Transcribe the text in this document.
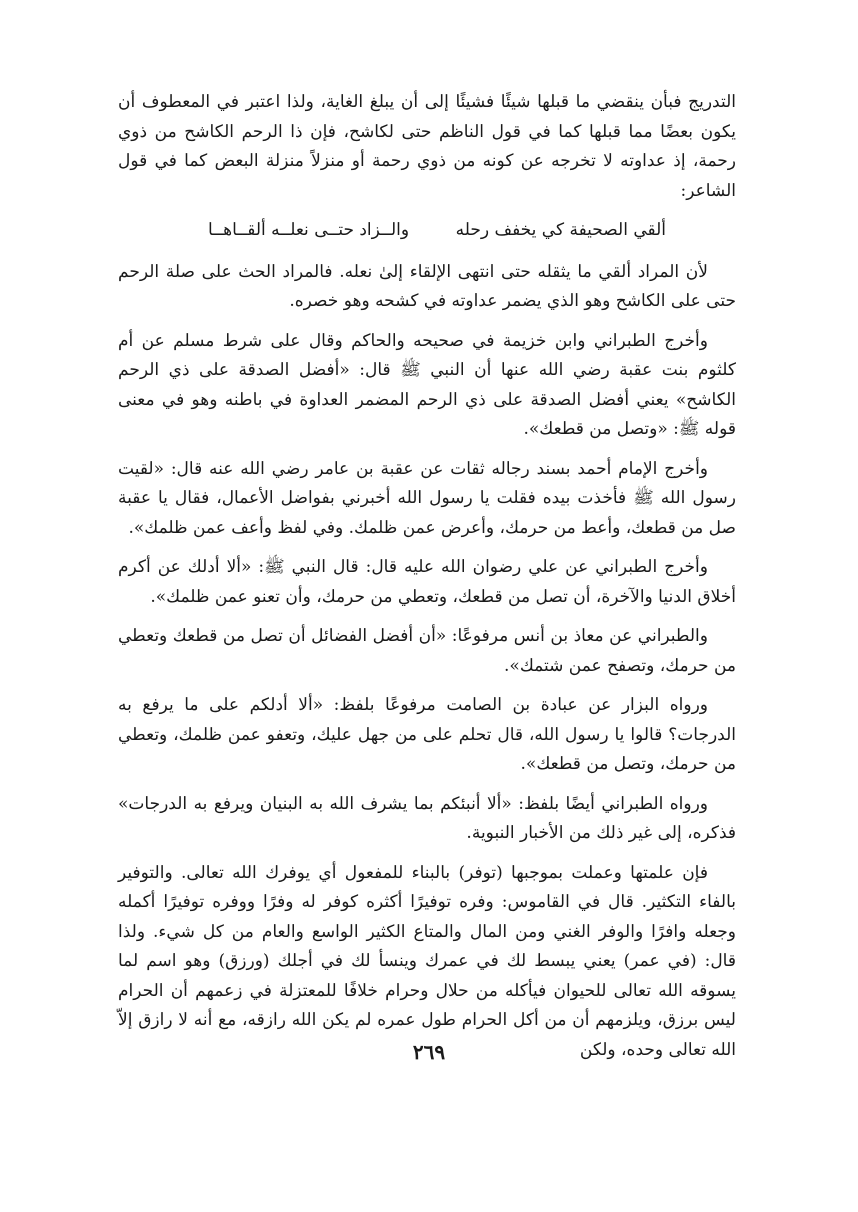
التدريج فبأن ينقضي ما قبلها شيئًا فشيئًا إلى أن يبلغ الغاية، ولذا اعتبر في المعطوف أن يكون بعضًا مما قبلها كما في قول الناظم حتى لكاشح، فإن ذا الرحم الكاشح من ذوي رحمة، إذ عداوته لا تخرجه عن كونه من ذوي رحمة أو منزلاً منزلة البعض كما في قول الشاعر:

ألقي الصحيفة كي يخفف رحله
والــزاد حتــى نعلــه ألقــاهــا

لأن المراد ألقي ما يثقله حتى انتهى الإلقاء إلىٰ نعله. فالمراد الحث على صلة الرحم حتى على الكاشح وهو الذي يضمر عداوته في كشحه وهو خصره.

وأخرج الطبراني وابن خزيمة في صحيحه والحاكم وقال على شرط مسلم عن أم كلثوم بنت عقبة رضي الله عنها أن النبي ﷺ قال: «أفضل الصدقة على ذي الرحم الكاشح» يعني أفضل الصدقة على ذي الرحم المضمر العداوة في باطنه وهو في معنى قوله ﷺ: «وتصل من قطعك».

وأخرج الإمام أحمد بسند رجاله ثقات عن عقبة بن عامر رضي الله عنه قال: «لقيت رسول الله ﷺ فأخذت بيده فقلت يا رسول الله أخبرني بفواضل الأعمال، فقال يا عقبة صل من قطعك، وأعط من حرمك، وأعرض عمن ظلمك. وفي لفظ وأعف عمن ظلمك».

وأخرج الطبراني عن علي رضوان الله عليه قال: قال النبي ﷺ: «ألا أدلك عن أكرم أخلاق الدنيا والآخرة، أن تصل من قطعك، وتعطي من حرمك، وأن تعنو عمن ظلمك».

والطبراني عن معاذ بن أنس مرفوعًا: «أن أفضل الفضائل أن تصل من قطعك وتعطي من حرمك، وتصفح عمن شتمك».

ورواه البزار عن عبادة بن الصامت مرفوعًا بلفظ: «ألا أدلكم على ما يرفع به الدرجات؟ قالوا يا رسول الله، قال تحلم على من جهل عليك، وتعفو عمن ظلمك، وتعطي من حرمك، وتصل من قطعك».

ورواه الطبراني أيضًا بلفظ: «ألا أنبئكم بما يشرف الله به البنيان ويرفع به الدرجات» فذكره، إلى غير ذلك من الأخبار النبوية.

فإن علمتها وعملت بموجبها (توفر) بالبناء للمفعول أي يوفرك الله تعالى. والتوفير بالفاء التكثير. قال في القاموس: وفره توفيرًا أكثره كوفر له وفرًا ووفره توفيرًا أكمله وجعله وافرًا والوفر الغني ومن المال والمتاع الكثير الواسع والعام من كل شيء. ولذا قال: (في عمر) يعني يبسط لك في عمرك وينسأ لك في أجلك (ورزق) وهو اسم لما يسوقه الله تعالى للحيوان فيأكله من حلال وحرام خلافًا للمعتزلة في زعمهم أن الحرام ليس برزق، ويلزمهم أن من أكل الحرام طول عمره لم يكن الله رازقه، مع أنه لا رازق إلاّ الله تعالى وحده، ولكن

٢٦٩
